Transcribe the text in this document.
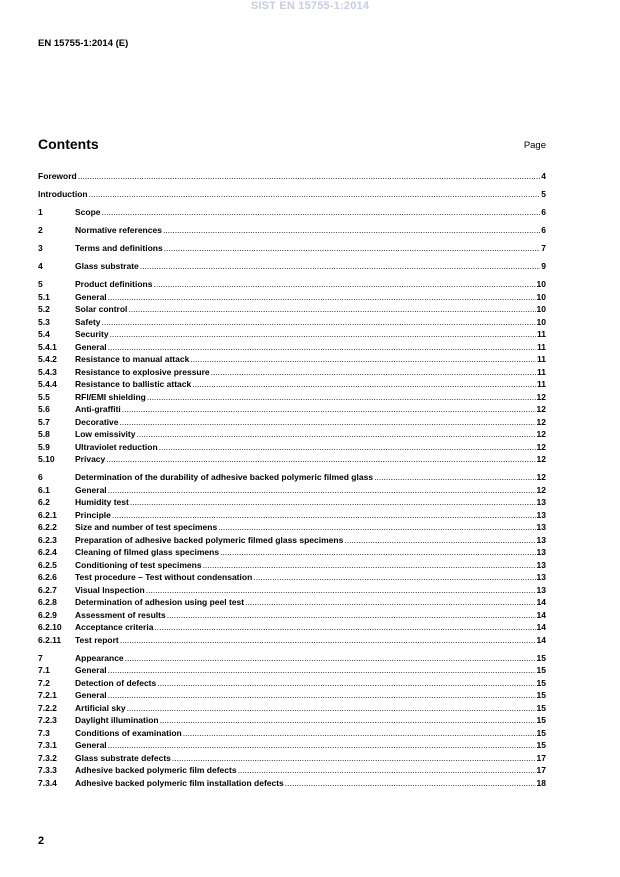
SIST EN 15755-1:2014
EN 15755-1:2014 (E)
Contents	Page
Foreword .....	4
Introduction .....	5
1	Scope .....	6
2	Normative references .....	6
3	Terms and definitions .....	7
4	Glass substrate .....	9
5	Product definitions .....	10
5.1	General .....	10
5.2	Solar control .....	10
5.3	Safety .....	10
5.4	Security .....	11
5.4.1	General .....	11
5.4.2	Resistance to manual attack .....	11
5.4.3	Resistance to explosive pressure .....	11
5.4.4	Resistance to ballistic attack .....	11
5.5	RFI/EMI shielding .....	12
5.6	Anti-graffiti .....	12
5.7	Decorative .....	12
5.8	Low emissivity .....	12
5.9	Ultraviolet reduction .....	12
5.10	Privacy .....	12
6	Determination of the durability of adhesive backed polymeric filmed glass .....	12
6.1	General .....	12
6.2	Humidity test .....	13
6.2.1	Principle .....	13
6.2.2	Size and number of test specimens .....	13
6.2.3	Preparation of adhesive backed polymeric filmed glass specimens .....	13
6.2.4	Cleaning of filmed glass specimens .....	13
6.2.5	Conditioning of test specimens .....	13
6.2.6	Test procedure – Test without condensation .....	13
6.2.7	Visual Inspection .....	13
6.2.8	Determination of adhesion using peel test .....	14
6.2.9	Assessment of results .....	14
6.2.10	Acceptance criteria .....	14
6.2.11	Test report .....	14
7	Appearance .....	15
7.1	General .....	15
7.2	Detection of defects .....	15
7.2.1	General .....	15
7.2.2	Artificial sky .....	15
7.2.3	Daylight illumination .....	15
7.3	Conditions of examination .....	15
7.3.1	General .....	15
7.3.2	Glass substrate defects .....	17
7.3.3	Adhesive backed polymeric film defects .....	17
7.3.4	Adhesive backed polymeric film installation defects .....	18
2
